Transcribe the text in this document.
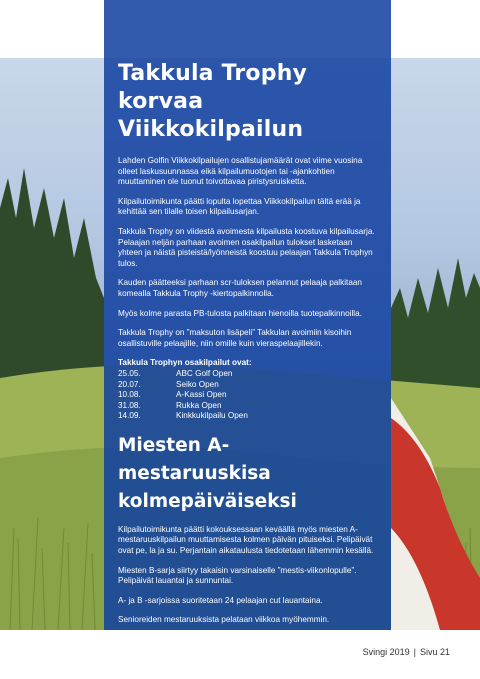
Takkula Trophy korvaa Viikkokilpailun

Lahden Golfin Viikkokilpailujen osallistujamäärät ovat viime vuosina olleet laskusuunnassa eikä kilpailumuotojen tai -ajankohtien muuttaminen ole tuonut toivottavaa piristysruisketta.

Kilpailutoimikunta päätti lopulta lopettaa Viikkokilpailun tältä erää ja kehittää sen tilalle toisen kilpailusarjan.

Takkula Trophy on viidestä avoimesta kilpailusta koostuva kilpailusarja. Pelaajan neljän parhaan avoimen osakilpailun tulokset lasketaan yhteen ja näistä pisteistä/lyönneistä koostuu pelaajan Takkula Trophyn tulos.

Kauden päätteeksi parhaan scr-tuloksen pelannut pelaaja palkitaan komealla Takkula Trophy -kiertopalkinnolla.

Myös kolme parasta PB-tulosta palkitaan hienoilla tuotepalkinnoilla.

Takkula Trophy on ”maksuton lisäpeli” Takkulan avoimiin kisoihin osallistuville pelaajille, niin omille kuin vieraspelaajillekin.

Takkula Trophyn osakilpailut ovat:

25.05.	ABC Golf Open
20.07.	Seiko Open
10.08.	A-Kassi Open
31.08.	Rukka Open
14.09.	Kinkkukilpailu Open
Miesten A-mestaruuskisa kolmepäiväiseksi

Kilpailutoimikunta päätti kokouksessaan keväällä myös miesten A-mestaruuskilpailun muuttamisesta kolmen päivän pituiseksi. Pelipäivät ovat pe, la ja su. Perjantain aikataulusta tiedotetaan lähemmin kesällä.

Miesten B-sarja siirtyy takaisin varsinaiselle ”mestis-viikonlopulle”. Pelipäivät lauantai ja sunnuntai.

A- ja B -sarjoissa suoritetaan 24 pelaajan cut lauantaina.

Senioreiden mestaruuksista pelataan viikkoa myöhemmin.

Svingi 2019 | Sivu 21
